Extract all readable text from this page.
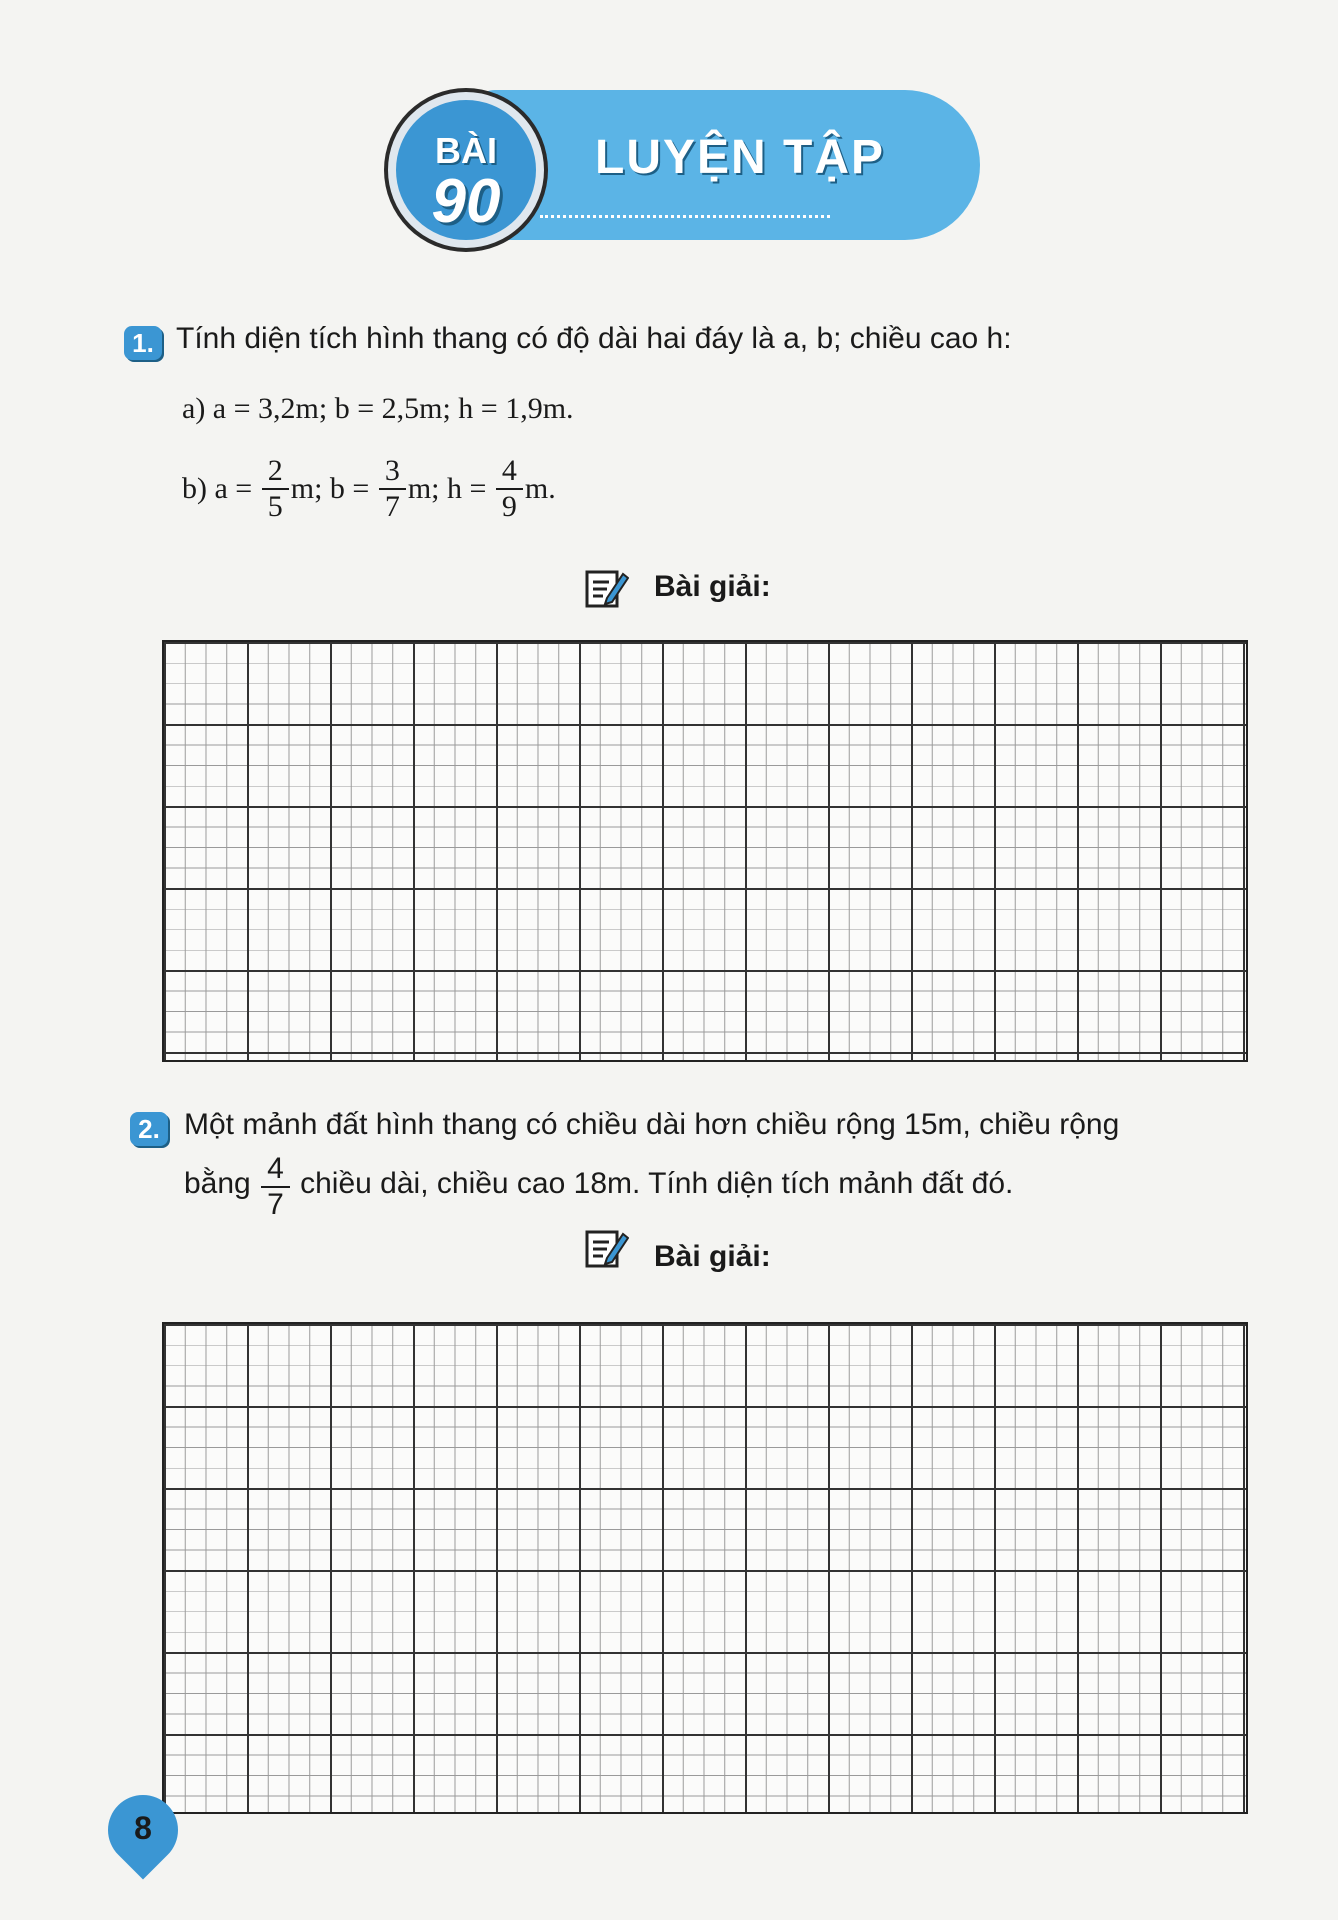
LUYỆN TẬP
BÀI
90
1. Tính diện tích hình thang có độ dài hai đáy là a, b; chiều cao h:
a) a = 3,2m; b = 2,5m; h = 1,9m.
b) $a = \frac{2}{5} m$; $b = \frac{3}{7} m$; $h = \frac{4}{9} m$.
Bài giải:
2. Một mảnh đất hình thang có chiều dài hơn chiều rộng 15m, chiều rộng
bằng $\frac{4}{7}$ chiều dài, chiều cao 18m. Tính diện tích mảnh đất đó.
Bài giải:
8
